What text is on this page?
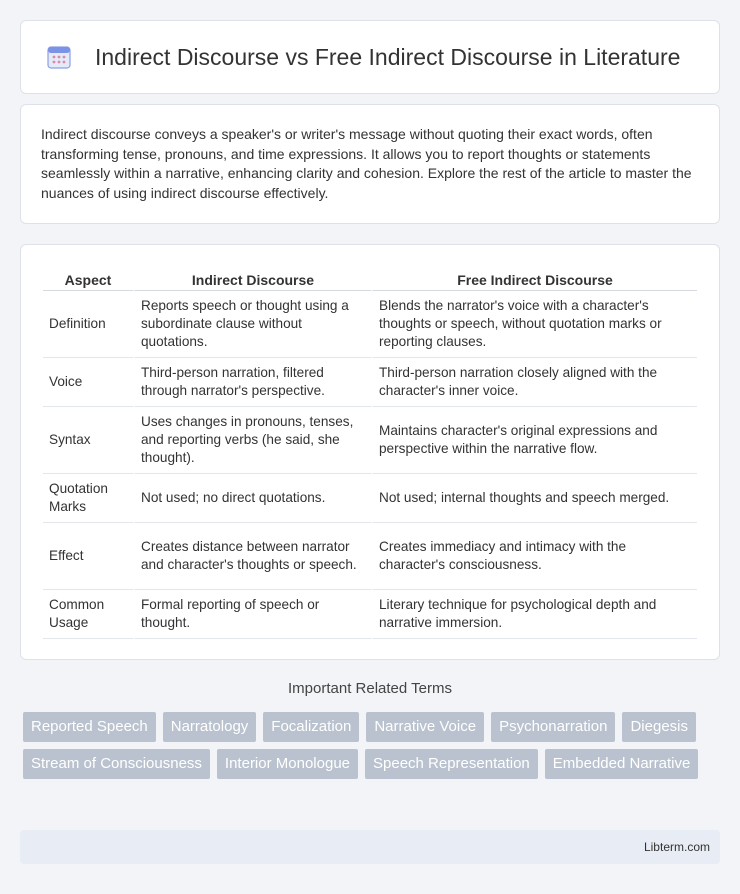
Indirect Discourse vs Free Indirect Discourse in Literature

Indirect discourse conveys a speaker's or writer's message without quoting their exact words, often transforming tense, pronouns, and time expressions. It allows you to report thoughts or statements seamlessly within a narrative, enhancing clarity and cohesion. Explore the rest of the article to master the nuances of using indirect discourse effectively.

Aspect	Indirect Discourse	Free Indirect Discourse
Definition	Reports speech or thought using a subordinate clause without quotations.	Blends the narrator's voice with a character's thoughts or speech, without quotation marks or reporting clauses.
Voice	Third-person narration, filtered through narrator's perspective.	Third-person narration closely aligned with the character's inner voice.
Syntax	Uses changes in pronouns, tenses, and reporting verbs (he said, she thought).	Maintains character's original expressions and perspective within the narrative flow.
Quotation Marks	Not used; no direct quotations.	Not used; internal thoughts and speech merged.
Effect	Creates distance between narrator and character's thoughts or speech.	Creates immediacy and intimacy with the character's consciousness.
Common Usage	Formal reporting of speech or thought.	Literary technique for psychological depth and narrative immersion.
Important Related Terms
Reported Speech	Narratology	Focalization	Narrative Voice	Psychonarration	Diegesis
Stream of Consciousness	Interior Monologue	Speech Representation	Embedded Narrative
Libterm.com
